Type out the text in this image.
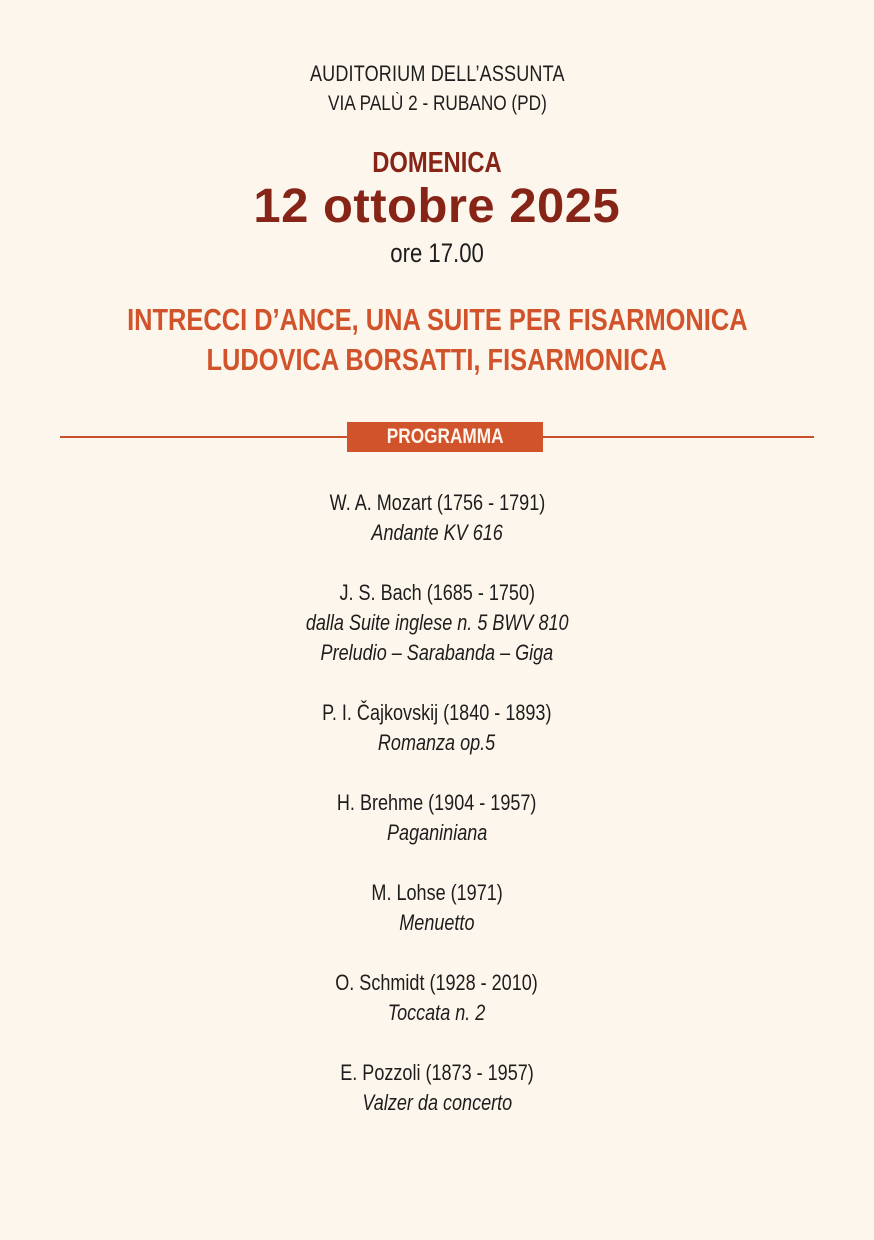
AUDITORIUM DELL’ASSUNTA
VIA PALÙ 2 - RUBANO (PD)
DOMENICA
12 ottobre 2025
ore 17.00
INTRECCI D’ANCE, UNA SUITE PER FISARMONICA
LUDOVICA BORSATTI, FISARMONICA
PROGRAMMA
W. A. Mozart (1756 - 1791)
Andante KV 616
J. S. Bach (1685 - 1750)
dalla Suite inglese n. 5 BWV 810
Preludio – Sarabanda – Giga
P. I. Čajkovskij (1840 - 1893)
Romanza op.5
H. Brehme (1904 - 1957)
Paganiniana
M. Lohse (1971)
Menuetto
O. Schmidt (1928 - 2010)
Toccata n. 2
E. Pozzoli (1873 - 1957)
Valzer da concerto
